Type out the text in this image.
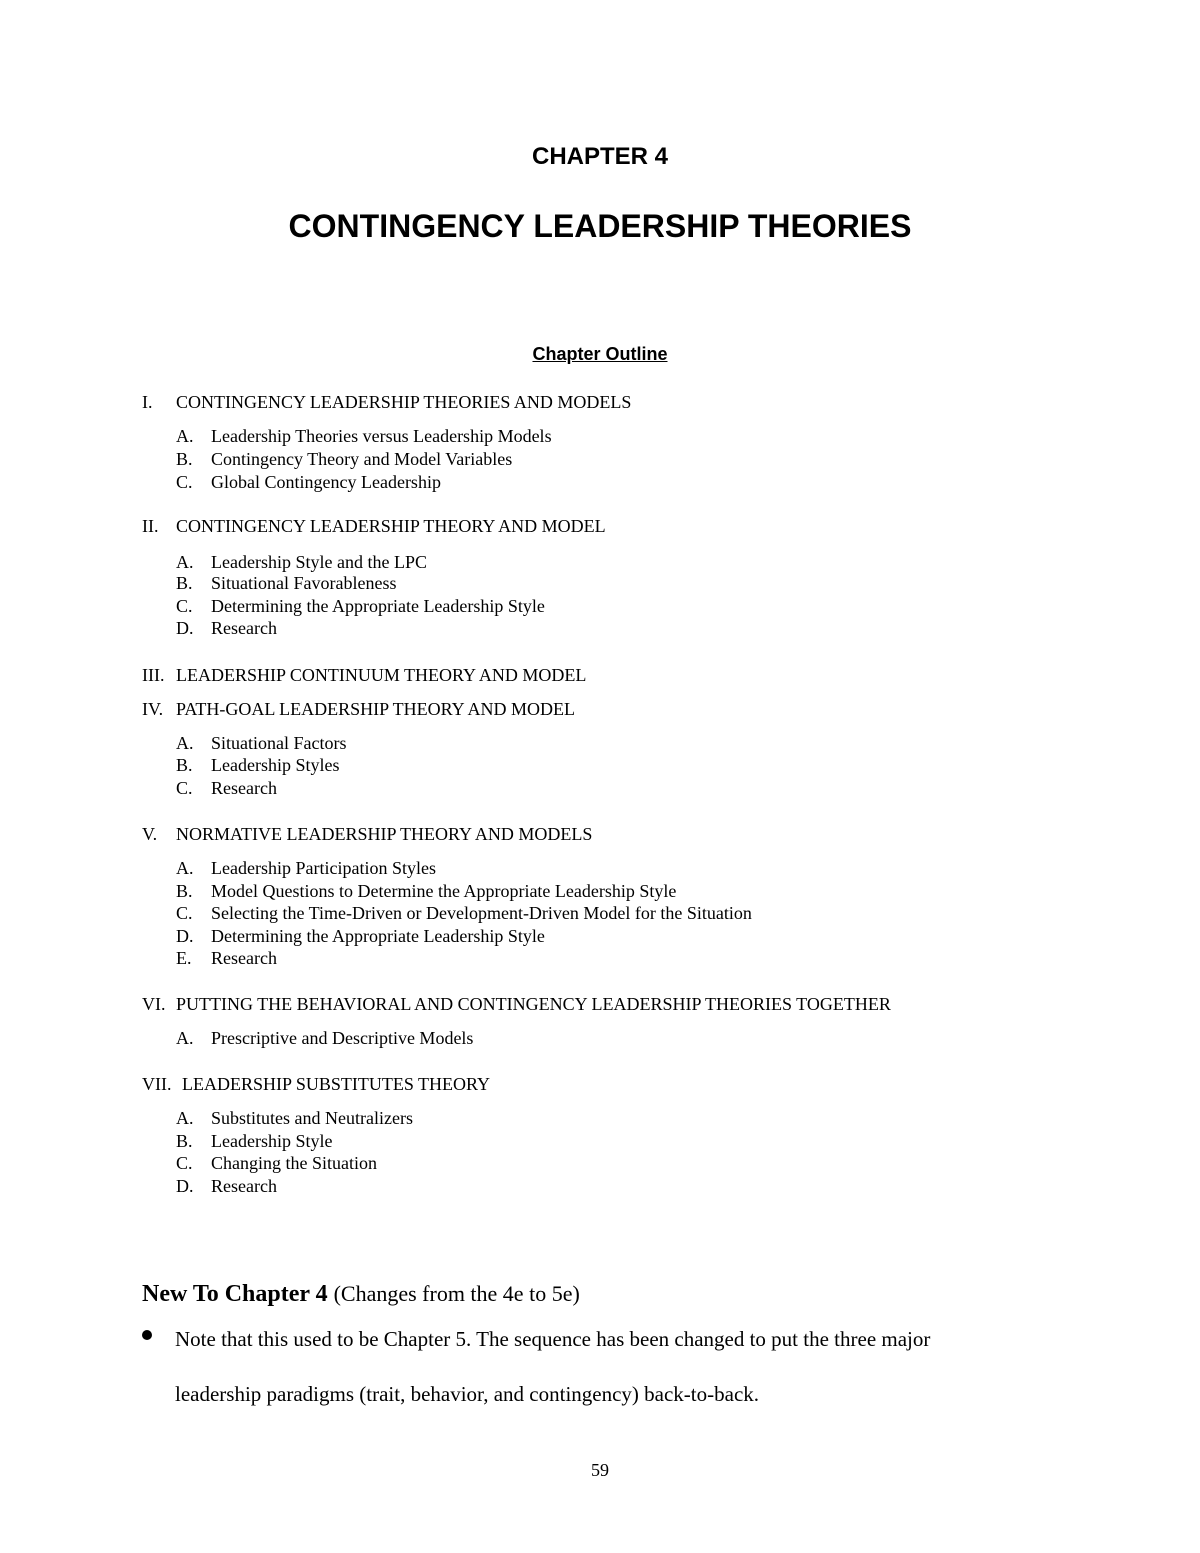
CHAPTER 4
CONTINGENCY LEADERSHIP THEORIES
Chapter Outline
I. CONTINGENCY LEADERSHIP THEORIES AND MODELS
A. Leadership Theories versus Leadership Models
B. Contingency Theory and Model Variables
C. Global Contingency Leadership
II. CONTINGENCY LEADERSHIP THEORY AND MODEL
A. Leadership Style and the LPC
B. Situational Favorableness
C. Determining the Appropriate Leadership Style
D. Research
III. LEADERSHIP CONTINUUM THEORY AND MODEL
IV. PATH-GOAL LEADERSHIP THEORY AND MODEL
A. Situational Factors
B. Leadership Styles
C. Research
V. NORMATIVE LEADERSHIP THEORY AND MODELS
A. Leadership Participation Styles
B. Model Questions to Determine the Appropriate Leadership Style
C. Selecting the Time-Driven or Development-Driven Model for the Situation
D. Determining the Appropriate Leadership Style
E. Research
VI. PUTTING THE BEHAVIORAL AND CONTINGENCY LEADERSHIP THEORIES TOGETHER
A. Prescriptive and Descriptive Models
VII. LEADERSHIP SUBSTITUTES THEORY
A. Substitutes and Neutralizers
B. Leadership Style
C. Changing the Situation
D. Research
New To Chapter 4 (Changes from the 4e to 5e)
Note that this used to be Chapter 5. The sequence has been changed to put the three major
leadership paradigms (trait, behavior, and contingency) back-to-back.
59
